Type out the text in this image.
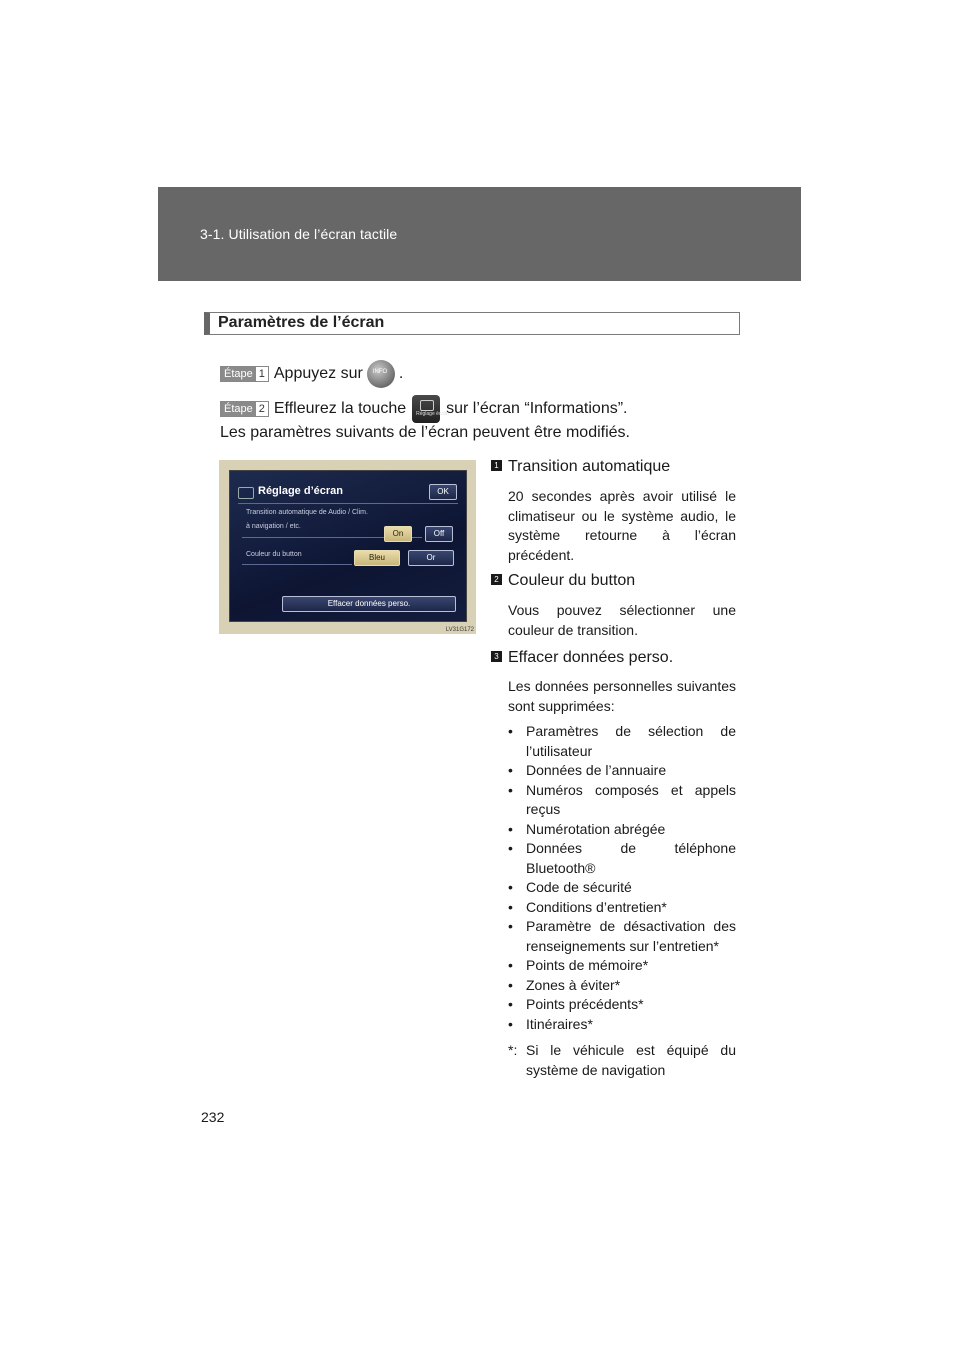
3-1. Utilisation de l’écran tactile
Paramètres de l’écran
Étape 1 Appuyez sur INFO .
Étape 2 Effleurez la touche Réglage écran
sur l’écran “Informations”.
Les paramètres suivants de l’écran peuvent être modifiés.
Réglage d’écran	OK
Transition automatique de Audio / Clim.
à navigation / etc.
On	Off
Couleur du button	Bleu	Or
Effacer données perso.
LV31G172
1 Transition automatique
20 secondes après avoir utilisé le climatiseur ou le système audio, le système retourne à l’écran précédent.
2 Couleur du button
Vous pouvez sélectionner une couleur de transition.
3 Effacer données perso.
Les données personnelles suivantes sont supprimées:
• Paramètres de sélection de l’utilisateur
• Données de l’annuaire
• Numéros composés et appels reçus
• Numérotation abrégée
• Données de téléphone Bluetooth®
• Code de sécurité
• Conditions d’entretien*
• Paramètre de désactivation des renseignements sur l’entretien*
• Points de mémoire*
• Zones à éviter*
• Points précédents*
• Itinéraires*
*: Si le véhicule est équipé du système de navigation
232
